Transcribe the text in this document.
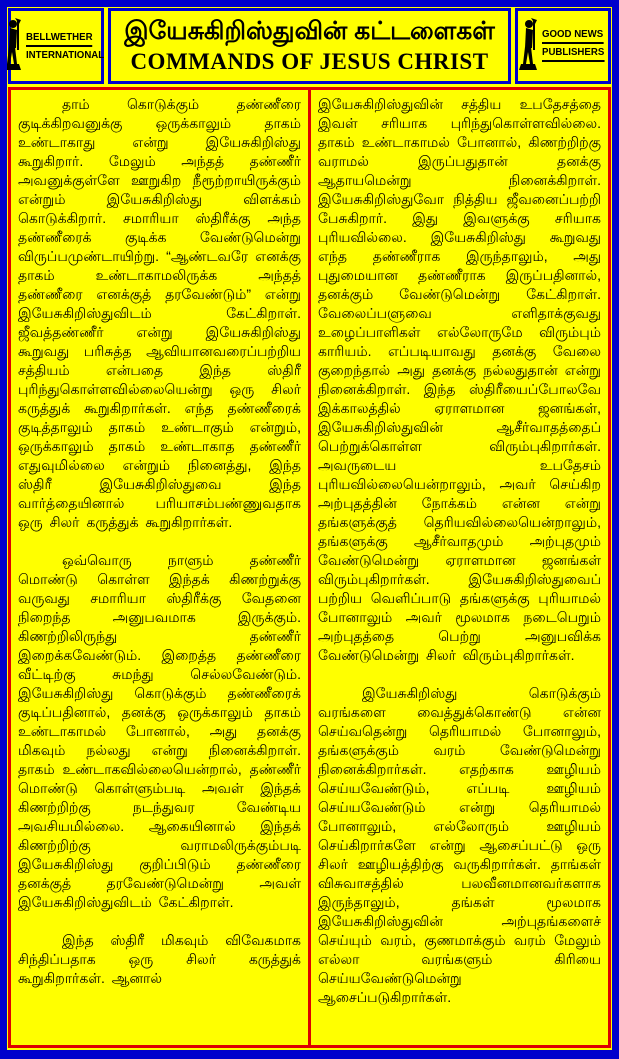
BELLWETHER
INTERNATIONAL
இயேசுகிறிஸ்துவின் கட்டளைகள்
COMMANDS OF JESUS CHRIST
GOOD NEWS
PUBLISHERS

தாம் கொடுக்கும் தண்ணீரை குடிக்கிறவனுக்கு ஒருக்காலும் தாகம் உண்டாகாது என்று இயேசுகிறிஸ்து கூறுகிறார். மேலும் அந்தத் தண்ணீர் அவனுக்குள்ளே ஊறுகிற நீரூற்றாயிருக்கும் என்றும் இயேசுகிறிஸ்து விளக்கம் கொடுக்கிறார். சமாரியா ஸ்திரீக்கு அந்த தண்ணீரைக் குடிக்க வேண்டுமென்று விருப்பமுண்டாயிற்று. “ஆண்டவரே எனக்கு தாகம் உண்டாகாமலிருக்க அந்தத் தண்ணீரை எனக்குத் தரவேண்டும்” என்று இயேசுகிறிஸ்துவிடம் கேட்கிறாள். ஜீவத்தண்ணீர் என்று இயேசுகிறிஸ்து கூறுவது பரிசுத்த ஆவியானவரைப்பற்றிய சத்தியம் என்பதை இந்த ஸ்திரீ புரிந்துகொள்ளவில்லையென்று ஒரு சிலர் கருத்துக் கூறுகிறார்கள். எந்த தண்ணீரைக் குடித்தாலும் தாகம் உண்டாகும் என்றும், ஒருக்காலும் தாகம் உண்டாகாத தண்ணீர் எதுவுமில்லை என்றும் நினைத்து, இந்த ஸ்திரீ இயேசுகிறிஸ்துவை இந்த வார்த்தையினால் பரியாசம்பண்ணுவதாக ஒரு சிலர் கருத்துக் கூறுகிறார்கள்.

ஒவ்வொரு நாளும் தண்ணீர் மொண்டு கொள்ள இந்தக் கிணற்றுக்கு வருவது சமாரியா ஸ்திரீக்கு வேதனை நிறைந்த அனுபவமாக இருக்கும். கிணற்றிலிருந்து தண்ணீர் இறைக்கவேண்டும். இறைத்த தண்ணீரை வீட்டிற்கு சுமந்து செல்லவேண்டும். இயேசுகிறிஸ்து கொடுக்கும் தண்ணீரைக் குடிப்பதினால், தனக்கு ஒருக்காலும் தாகம் உண்டாகாமல் போனால், அது தனக்கு மிகவும் நல்லது என்று நினைக்கிறாள். தாகம் உண்டாகவில்லையென்றால், தண்ணீர் மொண்டு கொள்ளும்படி அவள் இந்தக் கிணற்றிற்கு நடந்துவர வேண்டிய அவசியமில்லை. ஆகையினால் இந்தக் கிணற்றிற்கு வராமலிருக்கும்படி இயேசுகிறிஸ்து குறிப்பிடும் தண்ணீரை தனக்குத் தரவேண்டுமென்று அவள் இயேசுகிறிஸ்துவிடம் கேட்கிறாள்.

இந்த ஸ்திரீ மிகவும் விவேகமாக சிந்திப்பதாக ஒரு சிலர் கருத்துக் கூறுகிறார்கள். ஆனால்

இயேசுகிறிஸ்துவின் சத்திய உபதேசத்தை இவள் சரியாக புரிந்துகொள்ளவில்லை. தாகம் உண்டாகாமல் போனால், கிணற்றிற்கு வராமல் இருப்பதுதான் தனக்கு ஆதாயமென்று நினைக்கிறாள். இயேசுகிறிஸ்துவோ நித்திய ஜீவனைப்பற்றி பேசுகிறார். இது இவளுக்கு சரியாக புரியவில்லை. இயேசுகிறிஸ்து கூறுவது எந்த தண்ணீராக இருந்தாலும், அது புதுமையான தண்ணீராக இருப்பதினால், தனக்கும் வேண்டுமென்று கேட்கிறாள். வேலைப்பளுவை எளிதாக்குவது உழைப்பாளிகள் எல்லோருமே விரும்பும் காரியம். எப்படியாவது தனக்கு வேலை குறைந்தால் அது தனக்கு நல்லதுதான் என்று நினைக்கிறாள். இந்த ஸ்திரீயைப்போலவே இக்காலத்தில் ஏராளமான ஜனங்கள், இயேசுகிறிஸ்துவின் ஆசீர்வாதத்தைப் பெற்றுக்கொள்ள விரும்புகிறார்கள். அவருடைய உபதேசம் புரியவில்லையென்றாலும், அவர் செய்கிற அற்புதத்தின் நோக்கம் என்ன என்று தங்களுக்குத் தெரியவில்லையென்றாலும், தங்களுக்கு ஆசீர்வாதமும் அற்புதமும் வேண்டுமென்று ஏராளமான ஜனங்கள் விரும்புகிறார்கள். இயேசுகிறிஸ்துவைப் பற்றிய வெளிப்பாடு தங்களுக்கு புரியாமல் போனாலும் அவர் மூலமாக நடைபெறும் அற்புதத்தை பெற்று அனுபவிக்க வேண்டுமென்று சிலர் விரும்புகிறார்கள்.

இயேசுகிறிஸ்து கொடுக்கும் வரங்களை வைத்துக்கொண்டு என்ன செய்வதென்று தெரியாமல் போனாலும், தங்களுக்கும் வரம் வேண்டுமென்று நினைக்கிறார்கள். எதற்காக ஊழியம் செய்யவேண்டும், எப்படி ஊழியம் செய்யவேண்டும் என்று தெரியாமல் போனாலும், எல்லோரும் ஊழியம் செய்கிறார்களே என்று ஆசைப்பட்டு ஒரு சிலர் ஊழியத்திற்கு வருகிறார்கள். தாங்கள் விசுவாசத்தில் பலவீனமானவர்களாக இருந்தாலும், தங்கள் மூலமாக இயேசுகிறிஸ்துவின் அற்புதங்களைச் செய்யும் வரம், குணமாக்கும் வரம் மேலும் எல்லா வரங்களும் கிரியை செய்யவேண்டுமென்று ஆசைப்படுகிறார்கள்.
